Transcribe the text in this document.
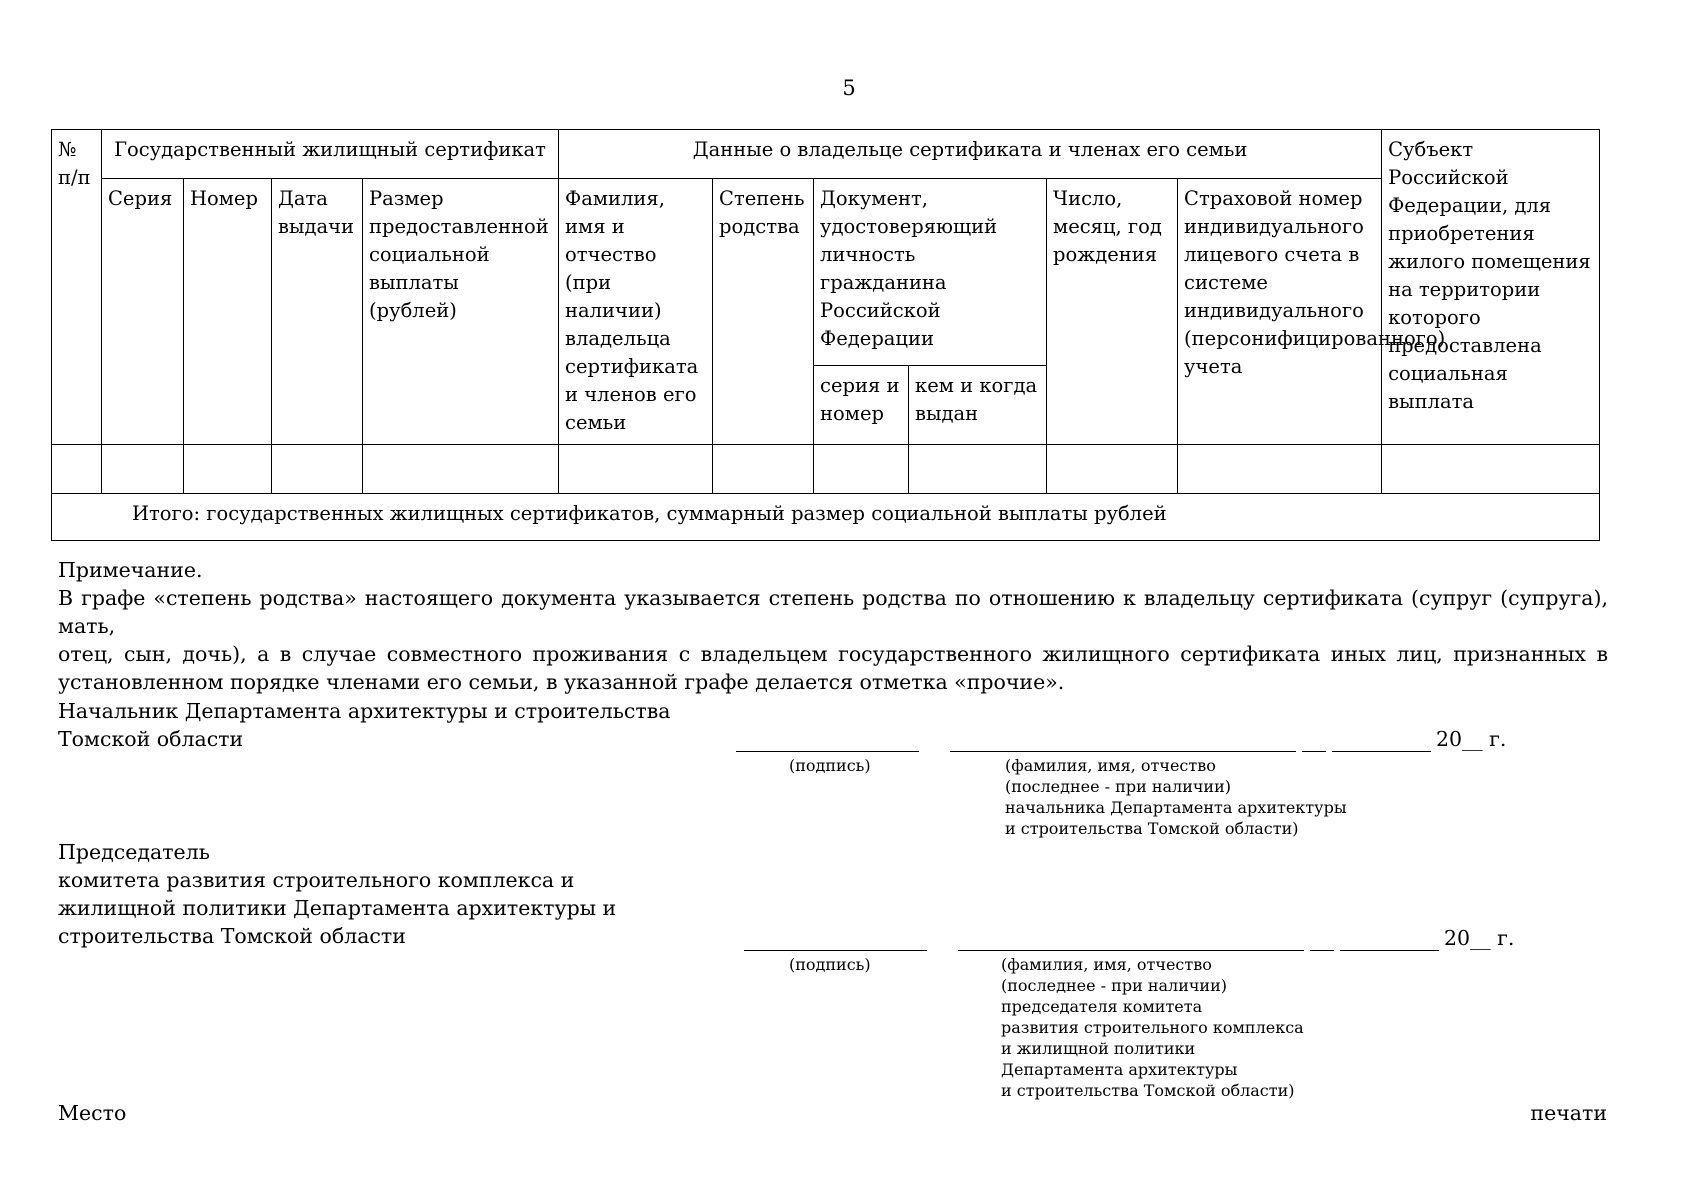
5
№ п/п	Государственный жилищный сертификат				Данные о владельце сертификата и членах его семьи						Субъект Российской Федерации, для приобретения жилого помещения на территории которого предоставлена социальная выплата
	Серия	Номер	Дата выдачи	Размер предоставленной социальной выплаты (рублей)	Фамилия, имя и отчество (при наличии) владельца сертификата и членов его семьи	Степень родства	Документ, удостоверяющий личность гражданина Российской Федерации		Число, месяц, год рождения	Страховой номер индивидуального лицевого счета в системе индивидуального (персонифицированного) учета	
							серия и номер	кем и когда выдан			

Итого: государственных жилищных сертификатов, суммарный размер социальной выплаты рублей											
Примечание.
В графе «степень родства» настоящего документа указывается степень родства по отношению к владельцу сертификата (супруг (супруга), мать,
отец, сын, дочь), а в случае совместного проживания с владельцем государственного жилищного сертификата иных лиц, признанных в
установленном порядке членами его семьи, в указанной графе делается отметка «прочие».
Начальник Департамента архитектуры и строительства
Томской области	20__ г.
(подпись)	(фамилия, имя, отчество
(последнее - при наличии)
начальника Департамента архитектуры
и строительства Томской области)
Председатель
комитета развития строительного комплекса и
жилищной политики Департамента архитектуры и
строительства Томской области	20__ г.
(подпись)	(фамилия, имя, отчество
(последнее - при наличии)
председателя комитета
развития строительного комплекса
и жилищной политики
Департамента архитектуры
и строительства Томской области)
Место	печати
